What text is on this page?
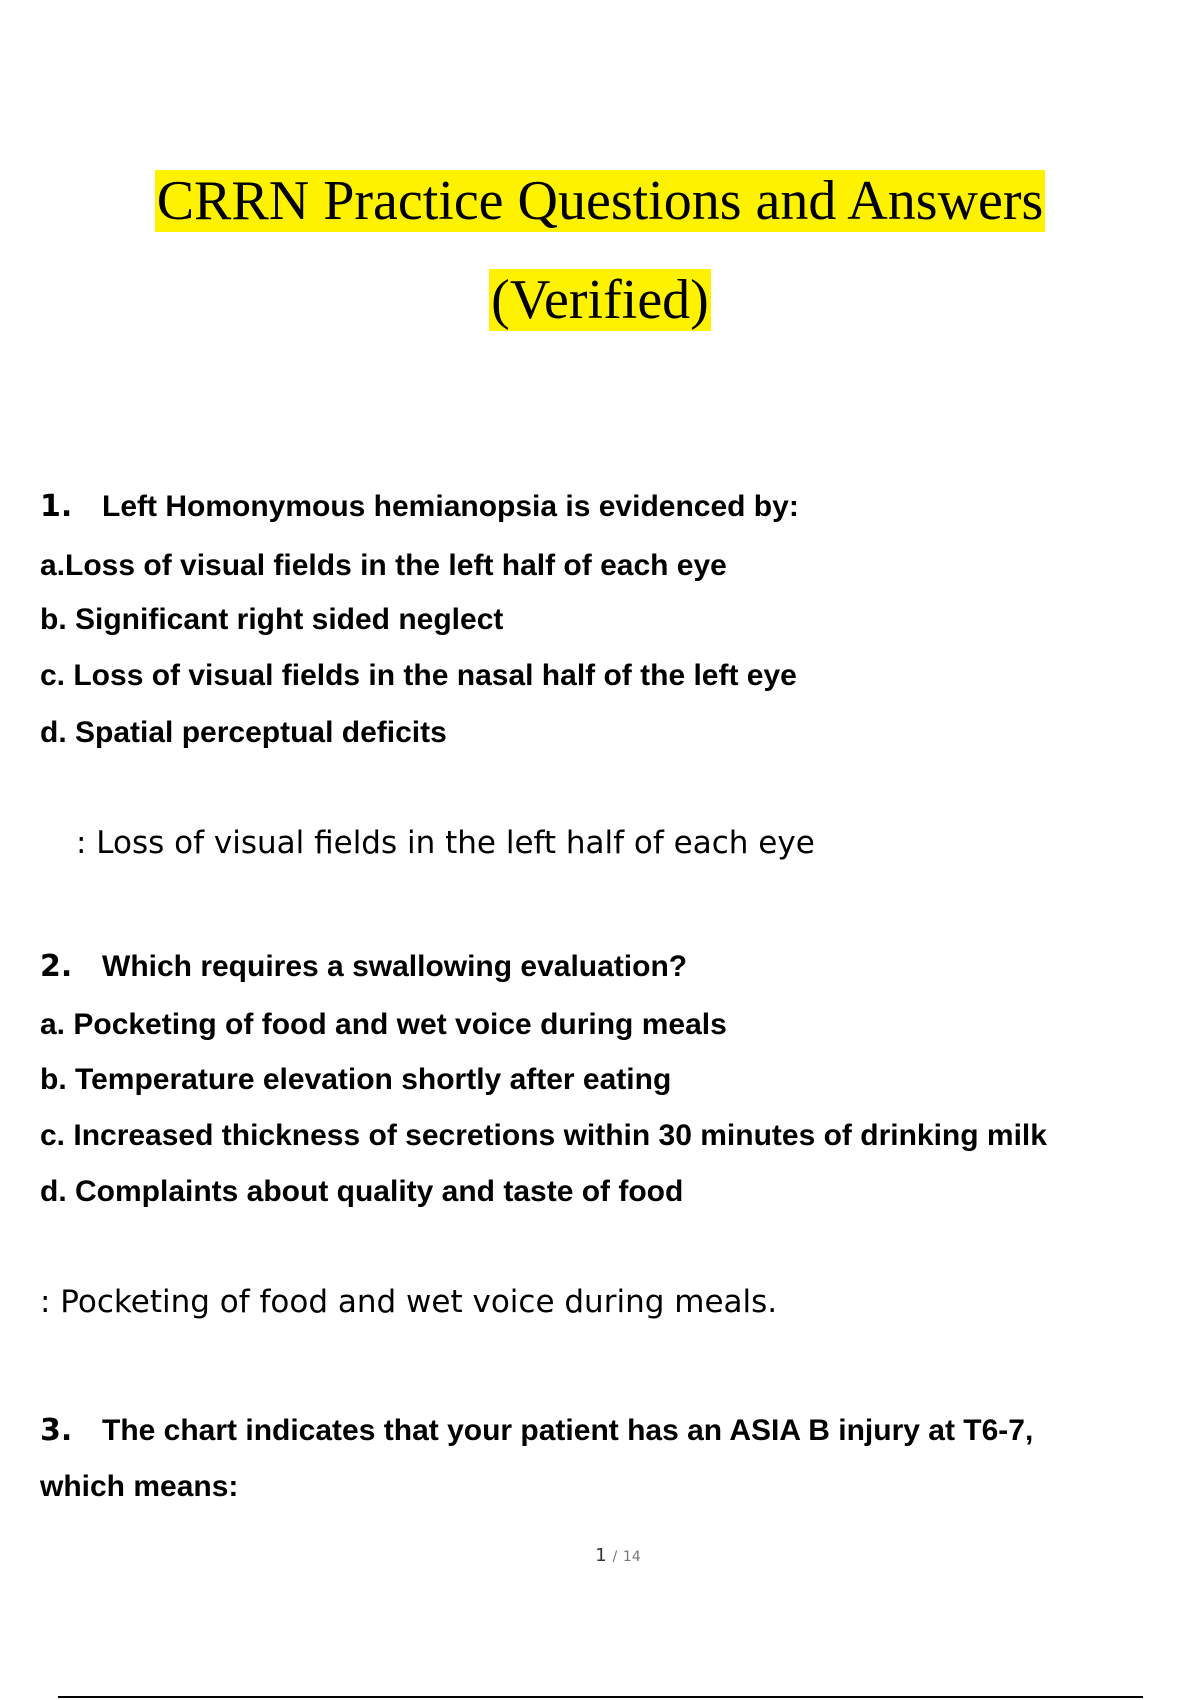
CRRN Practice Questions and Answers
(Verified)
1. Left Homonymous hemianopsia is evidenced by:
a.Loss of visual fields in the left half of each eye
b. Significant right sided neglect
c. Loss of visual fields in the nasal half of the left eye
d. Spatial perceptual deficits
: Loss of visual fields in the left half of each eye
2. Which requires a swallowing evaluation?
a. Pocketing of food and wet voice during meals
b. Temperature elevation shortly after eating
c. Increased thickness of secretions within 30 minutes of drinking milk
d. Complaints about quality and taste of food
: Pocketing of food and wet voice during meals.
3. The chart indicates that your patient has an ASIA B injury at T6-7,
which means:
1 / 14
